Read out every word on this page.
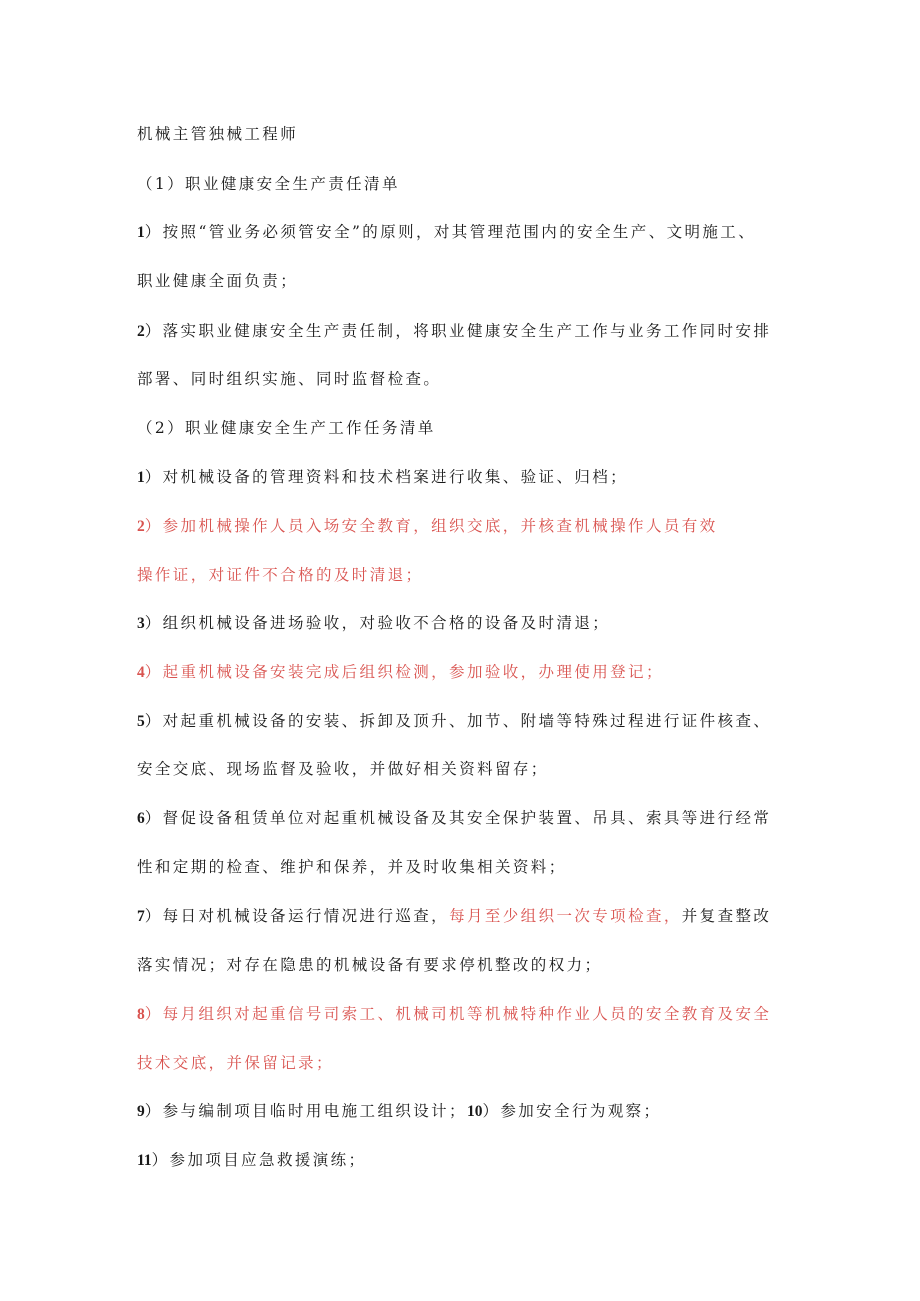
机械主管独械工程师
（1）职业健康安全生产责任清单
1）按照“管业务必须管安全”的原则，对其管理范围内的安全生产、文明施工、
职业健康全面负责；
2）落实职业健康安全生产责任制，将职业健康安全生产工作与业务工作同时安排
部署、同时组织实施、同时监督检查。
（2）职业健康安全生产工作任务清单
1）对机械设备的管理资料和技术档案进行收集、验证、归档；
2）参加机械操作人员入场安全教育，组织交底，并核查机械操作人员有效
操作证，对证件不合格的及时清退；
3）组织机械设备进场验收，对验收不合格的设备及时清退；
4）起重机械设备安装完成后组织检测，参加验收，办理使用登记；
5）对起重机械设备的安装、拆卸及顶升、加节、附墙等特殊过程进行证件核查、
安全交底、现场监督及验收，并做好相关资料留存；
6）督促设备租赁单位对起重机械设备及其安全保护装置、吊具、索具等进行经常
性和定期的检查、维护和保养，并及时收集相关资料；
7）每日对机械设备运行情况进行巡查，每月至少组织一次专项检查，并复查整改
落实情况；对存在隐患的机械设备有要求停机整改的权力；
8）每月组织对起重信号司索工、机械司机等机械特种作业人员的安全教育及安全
技术交底，并保留记录；
9）参与编制项目临时用电施工组织设计；10）参加安全行为观察；
11）参加项目应急救援演练；
